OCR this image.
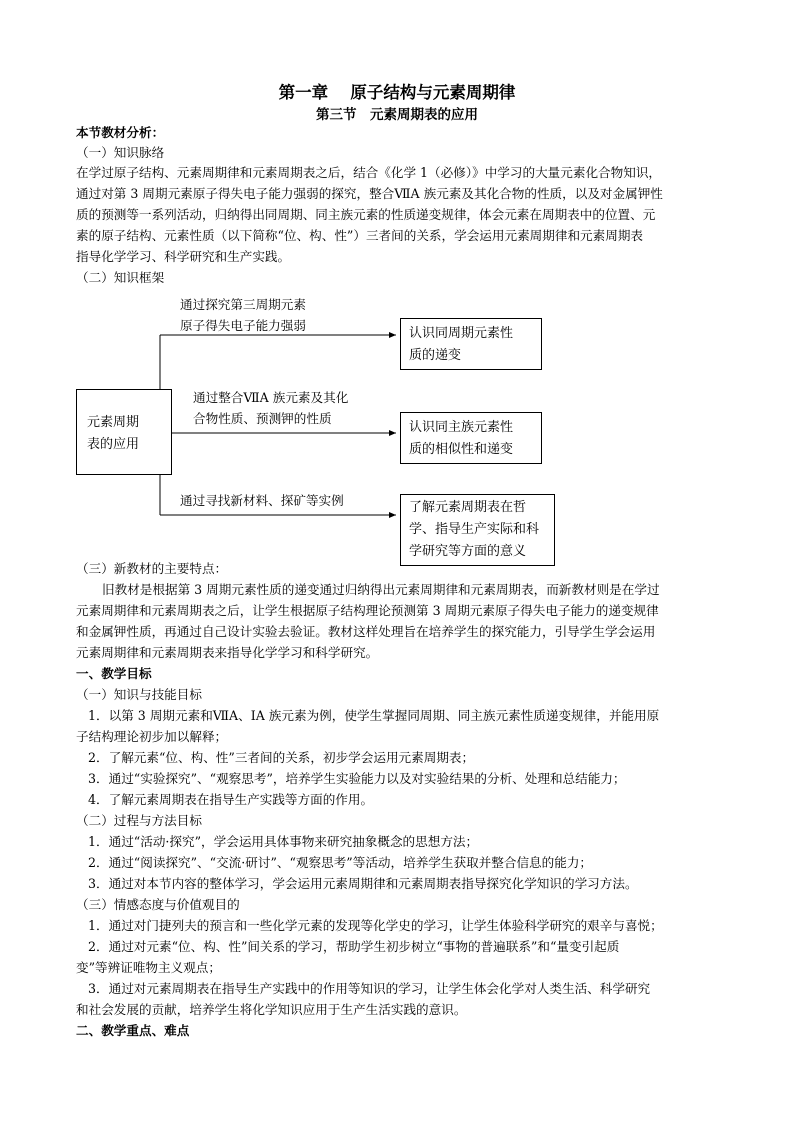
第一章　 原子结构与元素周期律
第三节　元素周期表的应用
本节教材分析：
（一）知识脉络
在学过原子结构、元素周期律和元素周期表之后，结合《化学 1（必修）》中学习的大量元素化合物知识，
通过对第 3 周期元素原子得失电子能力强弱的探究，整合ⅦA 族元素及其化合物的性质，以及对金属钾性
质的预测等一系列活动，归纳得出同周期、同主族元素的性质递变规律，体会元素在周期表中的位置、元
素的原子结构、元素性质（以下简称“位、构、性”）三者间的关系，学会运用元素周期律和元素周期表
指导化学学习、科学研究和生产实践。
（二）知识框架
元素周期
表的应用
通过探究第三周期元素
原子得失电子能力强弱
认识同周期元素性
质的递变
通过整合ⅦA 族元素及其化
合物性质、预测钾的性质
认识同主族元素性
质的相似性和递变
通过寻找新材料、探矿等实例	了解元素周期表在哲
学、指导生产实际和科
学研究等方面的意义
（三）新教材的主要特点：
旧教材是根据第 3 周期元素性质的递变通过归纳得出元素周期律和元素周期表，而新教材则是在学过
元素周期律和元素周期表之后，让学生根据原子结构理论预测第 3 周期元素原子得失电子能力的递变规律
和金属钾性质，再通过自己设计实验去验证。教材这样处理旨在培养学生的探究能力，引导学生学会运用
元素周期律和元素周期表来指导化学学习和科学研究。
一、教学目标
（一）知识与技能目标
1．以第 3 周期元素和ⅦA、ⅠA 族元素为例，使学生掌握同周期、同主族元素性质递变规律，并能用原
子结构理论初步加以解释；
2．了解元素“位、构、性”三者间的关系，初步学会运用元素周期表；
3．通过“实验探究”、“观察思考”，培养学生实验能力以及对实验结果的分析、处理和总结能力；
4．了解元素周期表在指导生产实践等方面的作用。
（二）过程与方法目标
1．通过“活动·探究”，学会运用具体事物来研究抽象概念的思想方法；
2．通过“阅读探究”、“交流·研讨”、“观察思考”等活动，培养学生获取并整合信息的能力；
3．通过对本节内容的整体学习，学会运用元素周期律和元素周期表指导探究化学知识的学习方法。
（三）情感态度与价值观目的
1．通过对门捷列夫的预言和一些化学元素的发现等化学史的学习，让学生体验科学研究的艰辛与喜悦；
2．通过对元素“位、构、性”间关系的学习，帮助学生初步树立“事物的普遍联系”和“量变引起质
变”等辨证唯物主义观点；
3．通过对元素周期表在指导生产实践中的作用等知识的学习，让学生体会化学对人类生活、科学研究
和社会发展的贡献，培养学生将化学知识应用于生产生活实践的意识。
二、教学重点、难点
